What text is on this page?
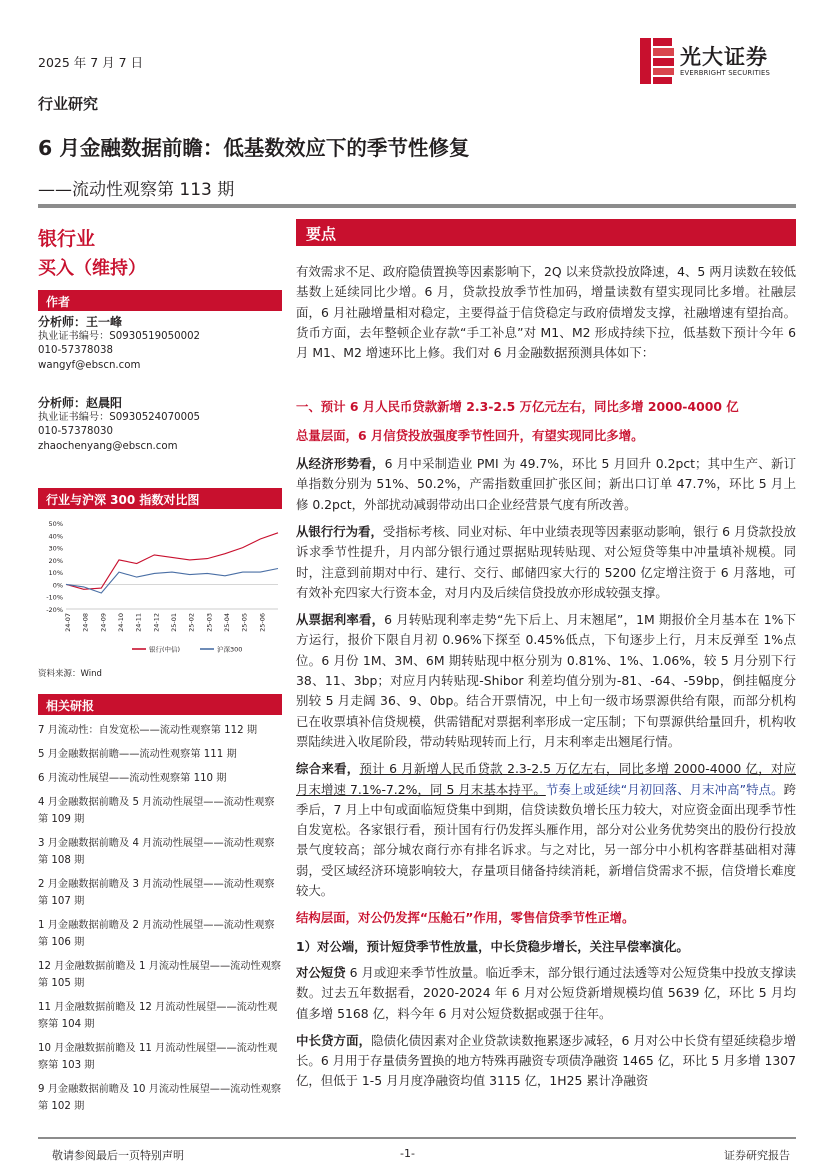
2025 年 7 月 7 日	光大证券
EVERBRIGHT SECURITIES
行业研究
6 月金融数据前瞻：低基数效应下的季节性修复
——流动性观察第 113 期
银行业
买入（维持）
作者
分析师：王一峰
执业证书编号：S0930519050002
010-57378038
wangyf@ebscn.com
分析师：赵晨阳
执业证书编号：S0930524070005
010-57378030
zhaochenyang@ebscn.com
行业与沪深 300 指数对比图
50%
40%
30%
20%
10%
0%
-10%
-20%
24-07 24-08 24-09 24-10 24-11 24-12 25-01 25-02 25-03 25-04 25-05 25-06
银行(中信)	沪深300
资料来源：Wind
相关研报
7 月流动性：自发宽松——流动性观察第 112 期
5 月金融数据前瞻——流动性观察第 111 期
6 月流动性展望——流动性观察第 110 期
4 月金融数据前瞻及 5 月流动性展望——流动性观察第 109 期
3 月金融数据前瞻及 4 月流动性展望——流动性观察第 108 期
2 月金融数据前瞻及 3 月流动性展望——流动性观察第 107 期
1 月金融数据前瞻及 2 月流动性展望——流动性观察第 106 期
12 月金融数据前瞻及 1 月流动性展望——流动性观察第 105 期
11 月金融数据前瞻及 12 月流动性展望——流动性观察第 104 期
10 月金融数据前瞻及 11 月流动性展望——流动性观察第 103 期
9 月金融数据前瞻及 10 月流动性展望——流动性观察第 102 期
要点

有效需求不足、政府隐债置换等因素影响下，2Q 以来贷款投放降速，4、5 两月读数在较低基数上延续同比少增。6 月，贷款投放季节性加码，增量读数有望实现同比多增。社融层面，6 月社融增量相对稳定，主要得益于信贷稳定与政府债增发支撑，社融增速有望抬高。货币方面，去年整顿企业存款“手工补息”对 M1、M2 形成持续下拉，低基数下预计今年 6 月 M1、M2 增速环比上修。我们对 6 月金融数据预测具体如下：

一、预计 6 月人民币贷款新增 2.3-2.5 万亿元左右，同比多增 2000-4000 亿

总量层面，6 月信贷投放强度季节性回升，有望实现同比多增。

从经济形势看，6 月中采制造业 PMI 为 49.7%，环比 5 月回升 0.2pct；其中生产、新订单指数分别为 51%、50.2%，产需指数重回扩张区间；新出口订单 47.7%，环比 5 月上修 0.2pct，外部扰动减弱带动出口企业经营景气度有所改善。

从银行行为看，受指标考核、同业对标、年中业绩表现等因素驱动影响，银行 6 月贷款投放诉求季节性提升，月内部分银行通过票据贴现转贴现、对公短贷等集中冲量填补规模。同时，注意到前期对中行、建行、交行、邮储四家大行的 5200 亿定增注资于 6 月落地，可有效补充四家大行资本金，对月内及后续信贷投放亦形成较强支撑。

从票据利率看，6 月转贴现利率走势“先下后上、月末翘尾”，1M 期报价全月基本在 1%下方运行，报价下限自月初 0.96%下探至 0.45%低点，下旬逐步上行，月末反弹至 1%点位。6 月份 1M、3M、6M 期转贴现中枢分别为 0.81%、1%、1.06%，较 5 月分别下行 38、11、3bp；对应月内转贴现-Shibor 利差均值分别为-81、-64、-59bp，倒挂幅度分别较 5 月走阔 36、9、0bp。结合开票情况，中上旬一级市场票源供给有限，而部分机构已在收票填补信贷规模，供需错配对票据利率形成一定压制；下旬票源供给量回升，机构收票陆续进入收尾阶段，带动转贴现转而上行，月末利率走出翘尾行情。

综合来看，预计 6 月新增人民币贷款 2.3-2.5 万亿左右，同比多增 2000-4000 亿，对应月末增速 7.1%-7.2%，同 5 月末基本持平。节奏上或延续“月初回落、月末冲高”特点。跨季后，7 月上中旬或面临短贷集中到期，信贷读数负增长压力较大，对应资金面出现季节性自发宽松。各家银行看，预计国有行仍发挥头雁作用，部分对公业务优势突出的股份行投放景气度较高；部分城农商行亦有排名诉求。与之对比，另一部分中小机构客群基础相对薄弱，受区域经济环境影响较大，存量项目储备持续消耗，新增信贷需求不振，信贷增长难度较大。

结构层面，对公仍发挥“压舱石”作用，零售信贷季节性正增。

1）对公端，预计短贷季节性放量，中长贷稳步增长，关注早偿率演化。

对公短贷 6 月或迎来季节性放量。临近季末，部分银行通过法透等对公短贷集中投放支撑读数。过去五年数据看，2020-2024 年 6 月对公短贷新增规模均值 5639 亿，环比 5 月均值多增 5168 亿，料今年 6 月对公短贷数据或强于往年。

中长贷方面，隐债化债因素对企业贷款读数拖累逐步减轻，6 月对公中长贷有望延续稳步增长。6 月用于存量债务置换的地方特殊再融资专项债净融资 1465 亿，环比 5 月多增 1307 亿，但低于 1-5 月月度净融资均值 3115 亿，1H25 累计净融资

敬请参阅最后一页特别声明	-1-	证券研究报告
